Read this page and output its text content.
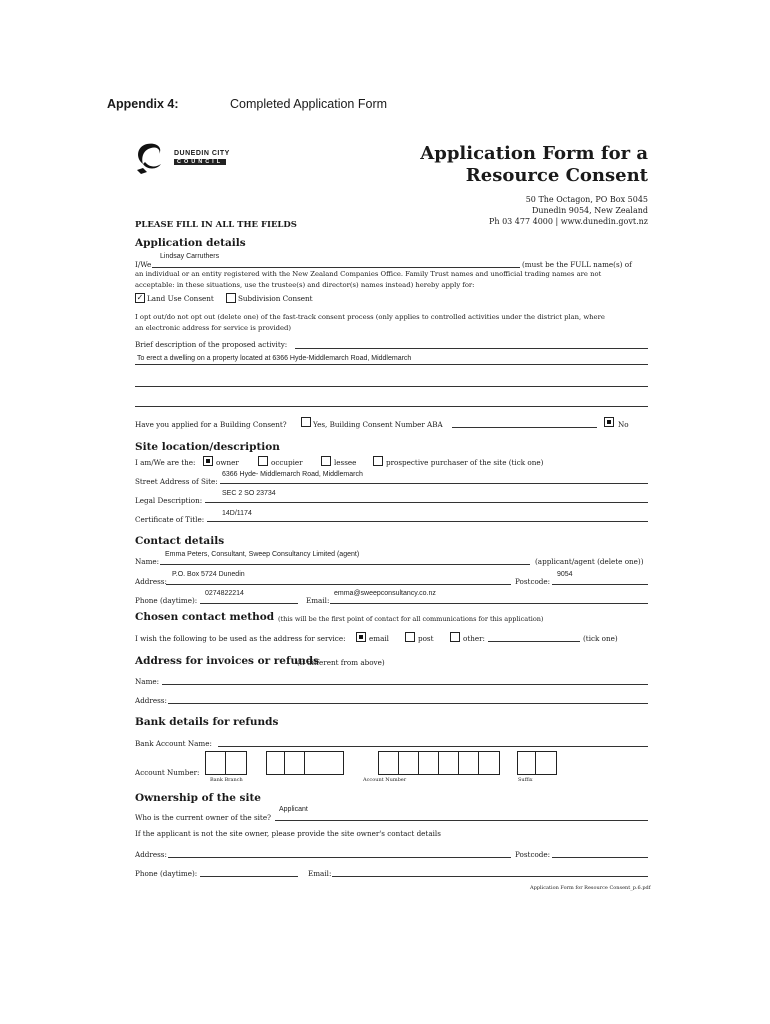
Appendix 4:	Completed Application Form
DUNEDIN CITY
COUNCIL	Application Form for a
Resource Consent
50 The Octagon, PO Box 5045
Dunedin 9054, New Zealand
Ph 03 477 4000 | www.dunedin.govt.nz
PLEASE FILL IN ALL THE FIELDS
Application details
I/We
Lindsay Carruthers
(must be the FULL name(s) of
an individual or an entity registered with the New Zealand Companies Office. Family Trust names and unofficial trading names are not
acceptable: in these situations, use the trustee(s) and director(s) names instead) hereby apply for:
✓ Land Use Consent	Subdivision Consent
I opt out/do not opt out (delete one) of the fast-track consent process (only applies to controlled activities under the district plan, where
an electronic address for service is provided)
Brief description of the proposed activity:
To erect a dwelling on a property located at 6366 Hyde-Middlemarch Road, Middlemarch
Have you applied for a Building Consent?	Yes, Building Consent Number ABA	No
Site location/description
I am/We are the:	owner	occupier	lessee	prospective purchaser of the site (tick one)
Street Address of Site:
6366 Hyde- Middlemarch Road, Middlemarch
Legal Description:
SEC 2 SO 23734
Certificate of Title:
14D/1174
Contact details
Name:
Emma Peters, Consultant, Sweep Consultancy Limited (agent)
(applicant/agent (delete one))
Address:
P.O. Box 5724 Dunedin
Postcode:
9054
Phone (daytime):
0274822214
Email:
emma@sweepconsultancy.co.nz
Chosen contact method (this will be the first point of contact for all communications for this application)
I wish the following to be used as the address for service:	email	post	other:	(tick one)
Address for invoices or refunds
(if different from above)
Name:
Address:
Bank details for refunds
Bank Account Name:
Account Number:
Bank Branch	Account Number	Suffix
Ownership of the site
Who is the current owner of the site?
Applicant
If the applicant is not the site owner, please provide the site owner's contact details
Address:	Postcode:
Phone (daytime):	Email:
Application Form for Resource Consent_p.6.pdf
